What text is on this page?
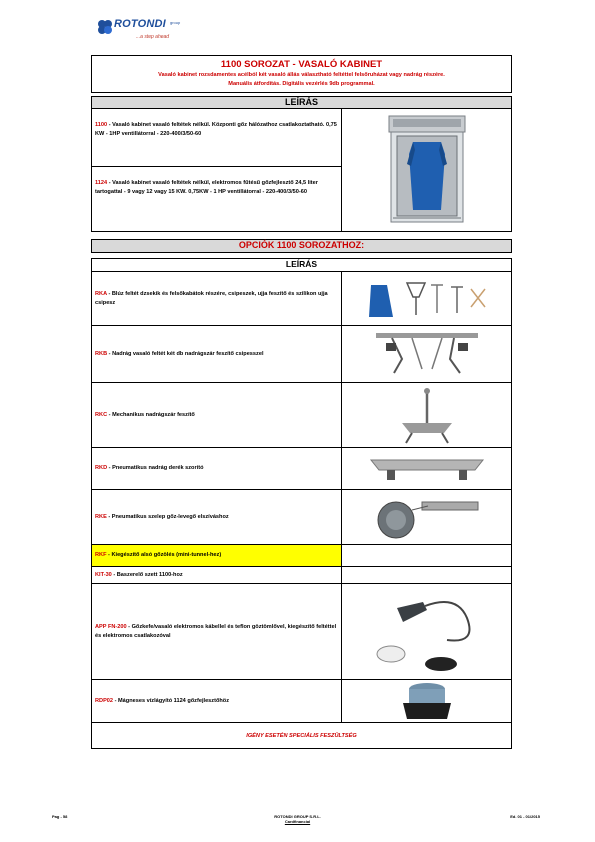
ROTONDI group
...a step ahead
1100 SOROZAT - VASALÓ KABINET
Vasaló kabinet rozsdamentes acélból két vasaló állás választható feltéttel felsőruházat vagy nadrág részére.
Manuális átfordítás. Digitális vezérlés 9db programmal.
LEÍRÁS
1100 - Vasaló kabinet vasaló feltétek nélkül. Központi gőz hálózathoz csatlakoztatható. 0,75 KW - 1HP ventillátorral - 220-400/3/50-60
1124 - Vasaló kabinet vasaló feltétek nélkül, elektromos fűtésű gőzfejlesztő 24,5 liter tartogattal - 9 vagy 12 vagy 15 KW. 0,75KW - 1 HP ventillátorral - 220-400/3/50-60
OPCIÓK 1100 SOROZATHOZ:
LEÍRÁS
RKA - Blúz feltét dzsekik és felsőkabátok részére, csipeszek, ujja feszítő és szilikon ujja csipesz
RKB - Nadrág vasaló feltét két db nadrágszár feszítő csipesszel
RKC - Mechanikus nadrágszár feszítő
RKD - Pneumatikus nadrág derék szorító
RKE - Pneumatikus szelep gőz-levegő elszíváshoz
RKF - Kiegészítő alsó gőzölés (mini-tunnel-hez)
KIT-30 - Baszerelő szett 1100-hoz
APP FN-200 - Gőzkefe/vasaló elektromos kábellel és teflon göztömlővel, kiegészítő feltéttel és elektromos csatlakozóval
RDP02 - Mágneses vízlágyító 1124 gőzfejlesztőhöz
IGÉNY ESETÉN SPECIÁLIS FESZÜLTSÉG
Pag - 58	ROTONDI GROUP S.R.L.
Cardfinancial
Ed. 01 - 01/2015
